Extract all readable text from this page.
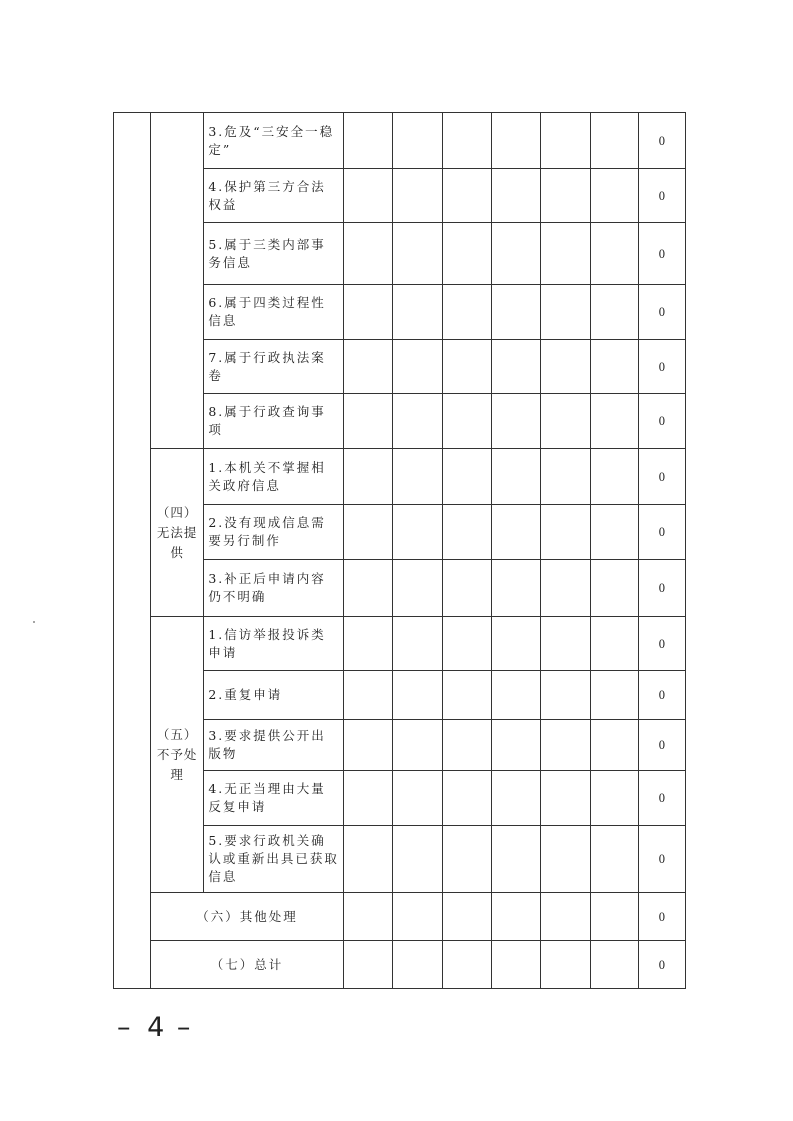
		3.危及“三安全一稳定”							0

		4.保护第三方合法权益							0

		5.属于三类内部事务信息							0

		6.属于四类过程性信息							0

		7.属于行政执法案卷							0

		8.属于行政查询事项							0

	（四）无法提供	1.本机关不掌握相关政府信息							0

		2.没有现成信息需要另行制作							0

		3.补正后申请内容仍不明确							0

	（五）不予处理	1.信访举报投诉类申请							0

		2.重复申请							0

		3.要求提供公开出版物							0

		4.无正当理由大量反复申请							0

		5.要求行政机关确认或重新出具已获取信息							0

	（六）其他处理								0

	（七）总计								0
– 4 –
